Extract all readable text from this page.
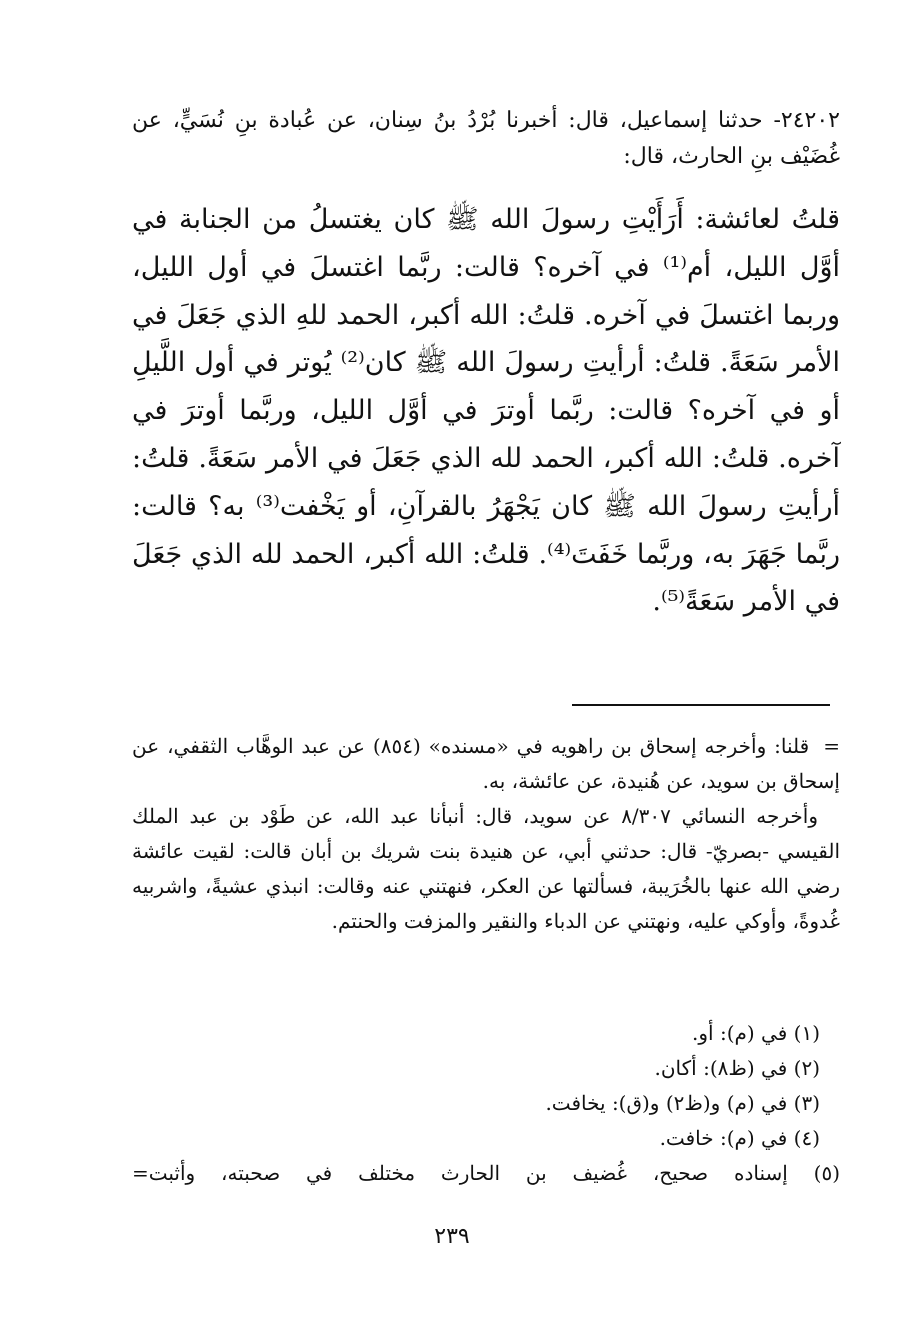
٢٤٢٠٢- حدثنا إسماعيل، قال: أخبرنا بُرْدُ بنُ سِنان، عن عُبادة بنِ نُسَيٍّ، عن غُضَيْف بنِ الحارث، قال:

قلتُ لعائشة: أَرَأَيْتِ رسولَ الله ﷺ كان يغتسلُ من الجنابة في أوَّل الليل، أم⁽¹⁾ في آخره؟ قالت: ربَّما اغتسلَ في أول الليل، وربما اغتسلَ في آخره. قلتُ: الله أكبر، الحمد للهِ الذي جَعَلَ في الأمر سَعَةً. قلتُ: أرأيتِ رسولَ الله ﷺ كان⁽²⁾ يُوتر في أول اللَّيلِ أو في آخره؟ قالت: ربَّما أوترَ في أوَّل الليل، وربَّما أوترَ في آخره. قلتُ: الله أكبر، الحمد لله الذي جَعَلَ في الأمر سَعَةً. قلتُ: أرأيتِ رسولَ الله ﷺ كان يَجْهَرُ بالقرآنِ، أو يَخْفت⁽³⁾ به؟ قالت: ربَّما جَهَرَ به، وربَّما خَفَتَ⁽⁴⁾. قلتُ: الله أكبر، الحمد لله الذي جَعَلَ في الأمر سَعَةً⁽⁵⁾.

=قلنا: وأخرجه إسحاق بن راهويه في «مسنده» (٨٥٤) عن عبد الوهَّاب الثقفي، عن إسحاق بن سويد، عن هُنيدة، عن عائشة، به.

وأخرجه النسائي ٨/٣٠٧ عن سويد، قال: أنبأنا عبد الله، عن طَوْد بن عبد الملك القيسي -بصريّ- قال: حدثني أبي، عن هنيدة بنت شريك بن أبان قالت: لقيت عائشة رضي الله عنها بالخُرَيبة، فسألتها عن العكر، فنهتني عنه وقالت: انبذي عشيةً، واشربيه غُدوةً، وأوكي عليه، ونهتني عن الدباء والنقير والمزفت والحنتم.

(١) في (م): أو.

(٢) في (ظ٨): أكان.

(٣) في (م) و(ظ٢) و(ق): يخافت.

(٤) في (م): خافت.

(٥) إسناده صحيح، غُضيف بن الحارث مختلف في صحبته، وأثبت=

٢٣٩
